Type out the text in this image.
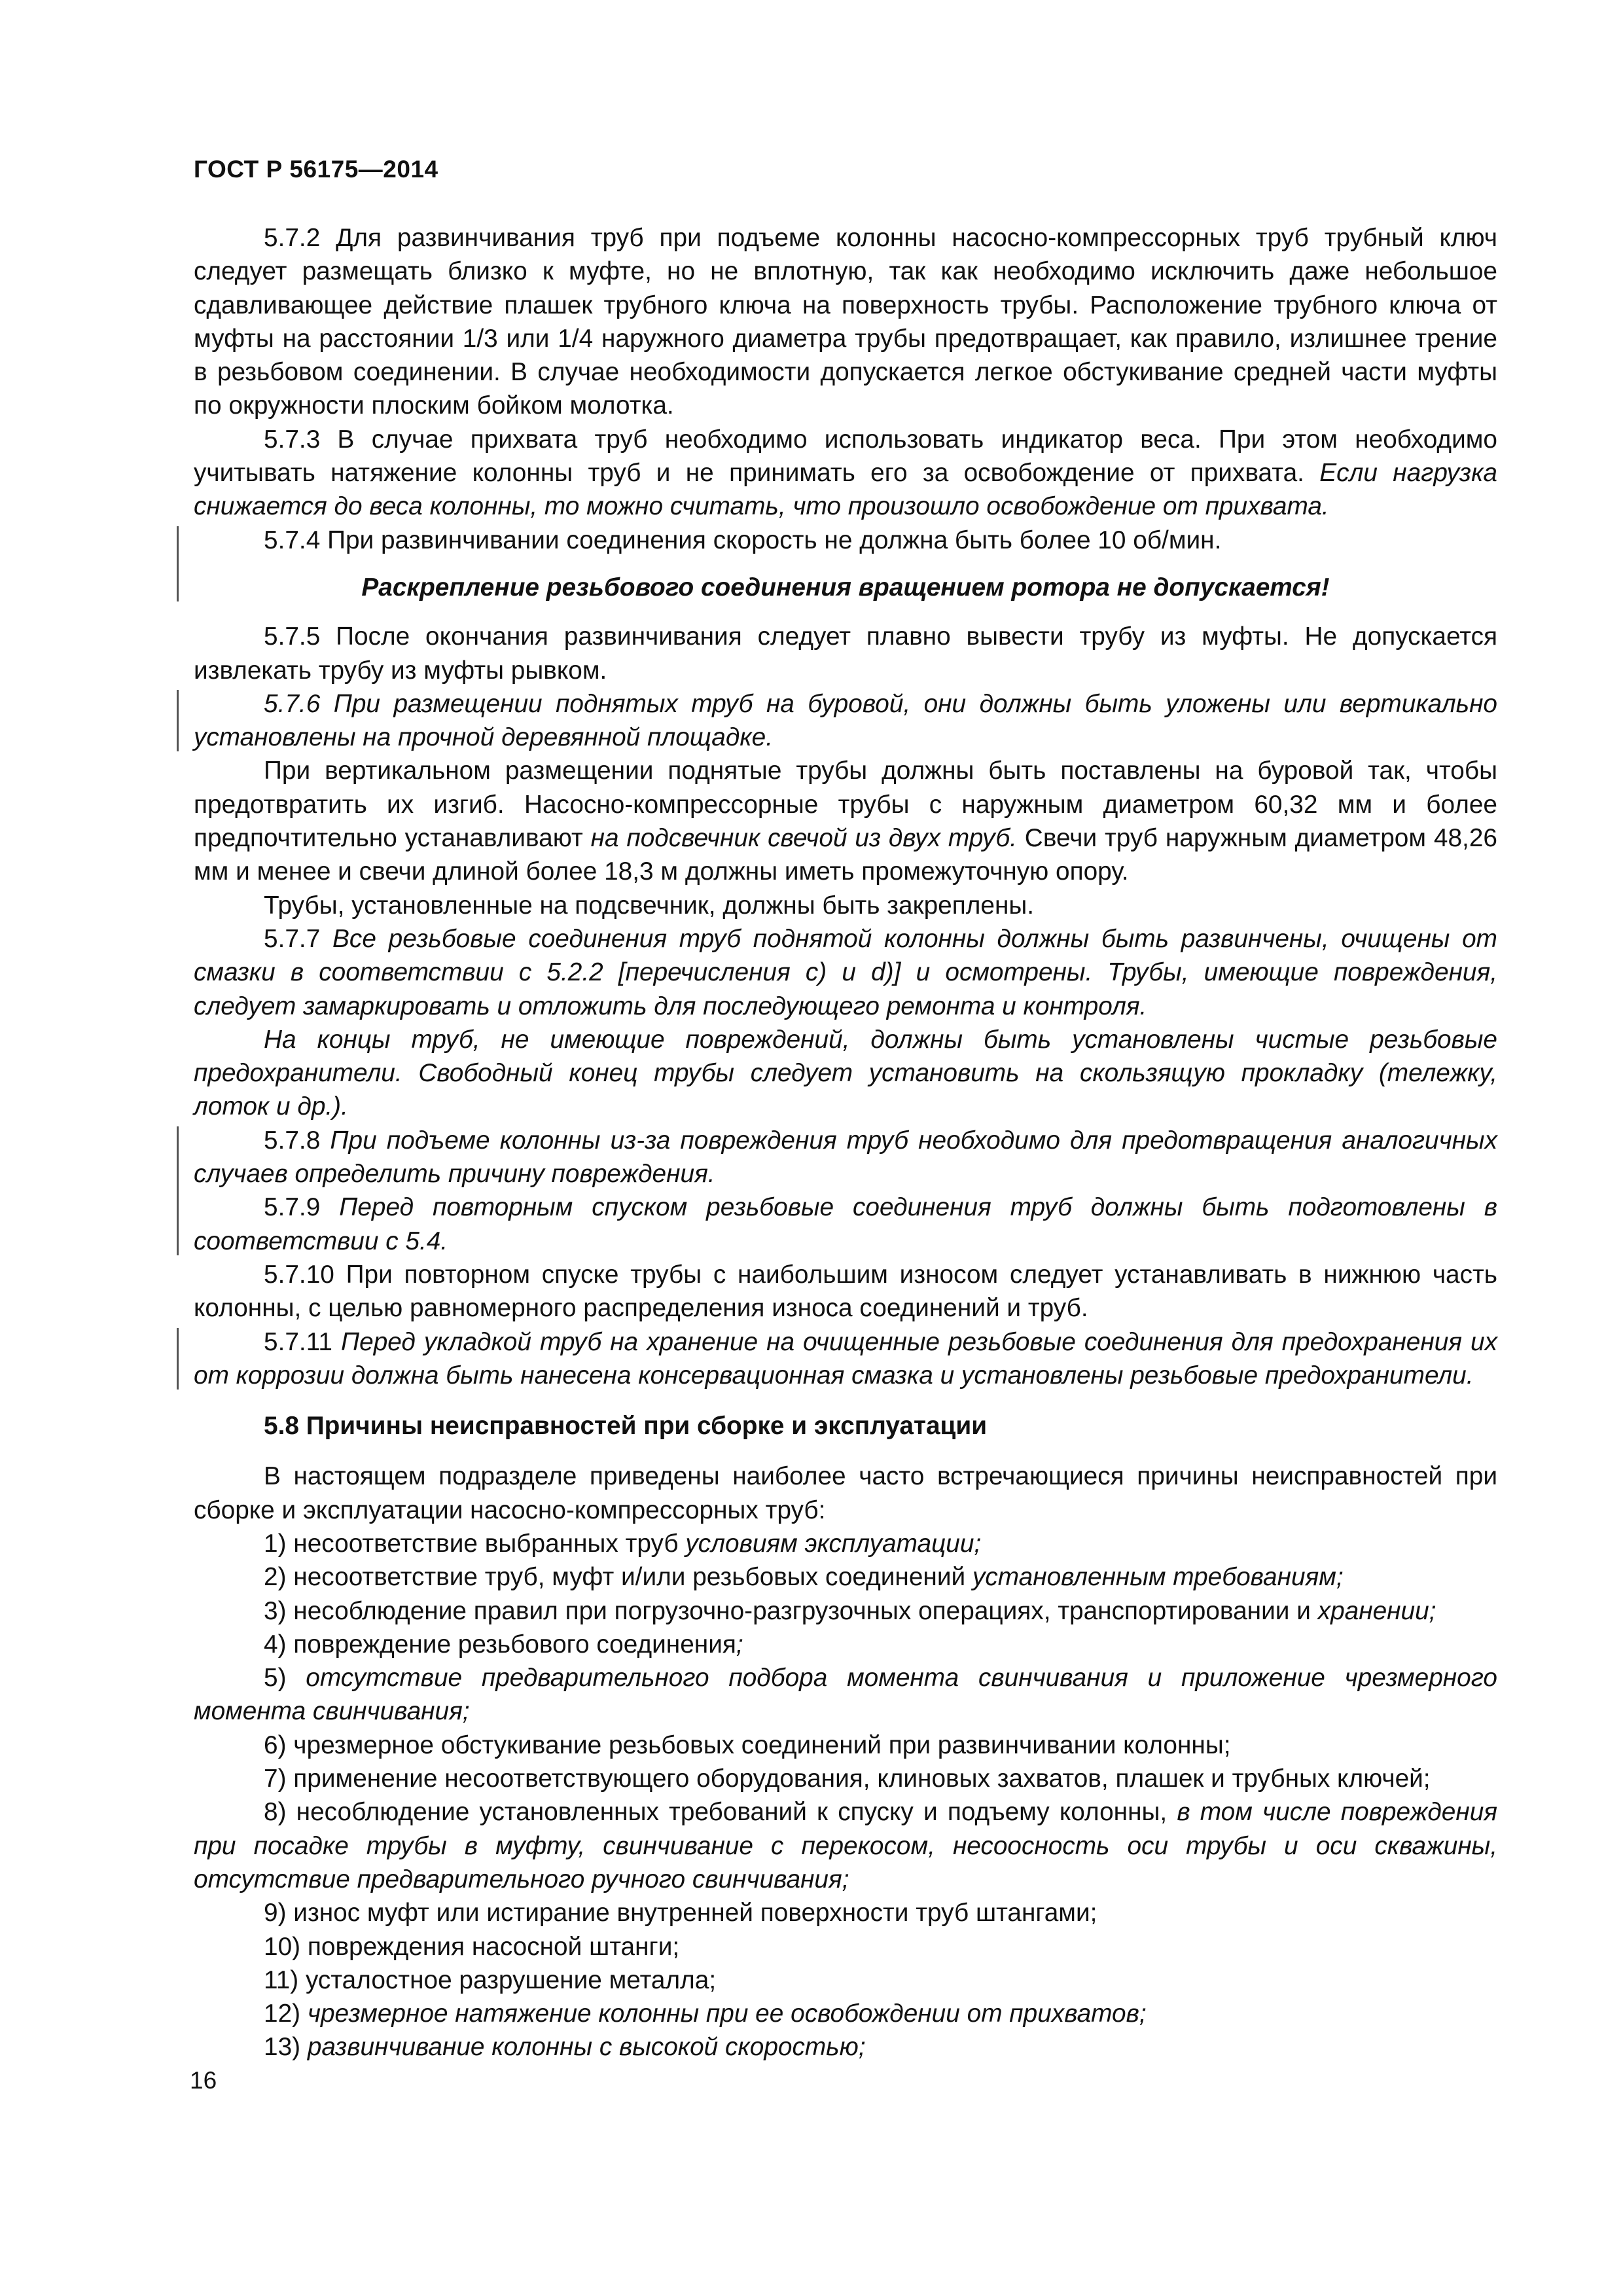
ГОСТ Р 56175—2014

5.7.2 Для развинчивания труб при подъеме колонны насосно-компрессорных труб трубный ключ следует размещать близко к муфте, но не вплотную, так как необходимо исключить даже небольшое сдавливающее действие плашек трубного ключа на поверхность трубы. Расположение трубного ключа от муфты на расстоянии 1/3 или 1/4 наружного диаметра трубы предотвращает, как правило, излишнее трение в резьбовом соединении. В случае необходимости допускается легкое обстукивание средней части муфты по окружности плоским бойком молотка.

5.7.3 В случае прихвата труб необходимо использовать индикатор веса. При этом необходимо учитывать натяжение колонны труб и не принимать его за освобождение от прихвата. Если нагрузка снижается до веса колонны, то можно считать, что произошло освобождение от прихвата.

5.7.4 При развинчивании соединения скорость не должна быть более 10 об/мин.

Раскрепление резьбового соединения вращением ротора не допускается!

5.7.5 После окончания развинчивания следует плавно вывести трубу из муфты. Не допускается извлекать трубу из муфты рывком.

5.7.6 При размещении поднятых труб на буровой, они должны быть уложены или вертикально установлены на прочной деревянной площадке.

При вертикальном размещении поднятые трубы должны быть поставлены на буровой так, чтобы предотвратить их изгиб. Насосно-компрессорные трубы с наружным диаметром 60,32 мм и более предпочтительно устанавливают на подсвечник свечой из двух труб. Свечи труб наружным диаметром 48,26 мм и менее и свечи длиной более 18,3 м должны иметь промежуточную опору.

Трубы, установленные на подсвечник, должны быть закреплены.

5.7.7 Все резьбовые соединения труб поднятой колонны должны быть развинчены, очищены от смазки в соответствии с 5.2.2 [перечисления с) и d)] и осмотрены. Трубы, имеющие повреждения, следует замаркировать и отложить для последующего ремонта и контроля.

На концы труб, не имеющие повреждений, должны быть установлены чистые резьбовые предохранители. Свободный конец трубы следует установить на скользящую прокладку (тележку, лоток и др.).

5.7.8 При подъеме колонны из-за повреждения труб необходимо для предотвращения аналогичных случаев определить причину повреждения.

5.7.9 Перед повторным спуском резьбовые соединения труб должны быть подготовлены в соответствии с 5.4.

5.7.10 При повторном спуске трубы с наибольшим износом следует устанавливать в нижнюю часть колонны, с целью равномерного распределения износа соединений и труб.

5.7.11 Перед укладкой труб на хранение на очищенные резьбовые соединения для предохранения их от коррозии должна быть нанесена консервационная смазка и установлены резьбовые предохранители.

5.8 Причины неисправностей при сборке и эксплуатации

В настоящем подразделе приведены наиболее часто встречающиеся причины неисправностей при сборке и эксплуатации насосно-компрессорных труб:

1) несоответствие выбранных труб условиям эксплуатации;

2) несоответствие труб, муфт и/или резьбовых соединений установленным требованиям;

3) несоблюдение правил при погрузочно-разгрузочных операциях, транспортировании и хранении;

4) повреждение резьбового соединения;

5) отсутствие предварительного подбора момента свинчивания и приложение чрезмерного момента свинчивания;

6) чрезмерное обстукивание резьбовых соединений при развинчивании колонны;

7) применение несоответствующего оборудования, клиновых захватов, плашек и трубных ключей;

8) несоблюдение установленных требований к спуску и подъему колонны, в том числе повреждения при посадке трубы в муфту, свинчивание с перекосом, несоосность оси трубы и оси скважины, отсутствие предварительного ручного свинчивания;

9) износ муфт или истирание внутренней поверхности труб штангами;

10) повреждения насосной штанги;

11) усталостное разрушение металла;

12) чрезмерное натяжение колонны при ее освобождении от прихватов;

13) развинчивание колонны с высокой скоростью;

16
